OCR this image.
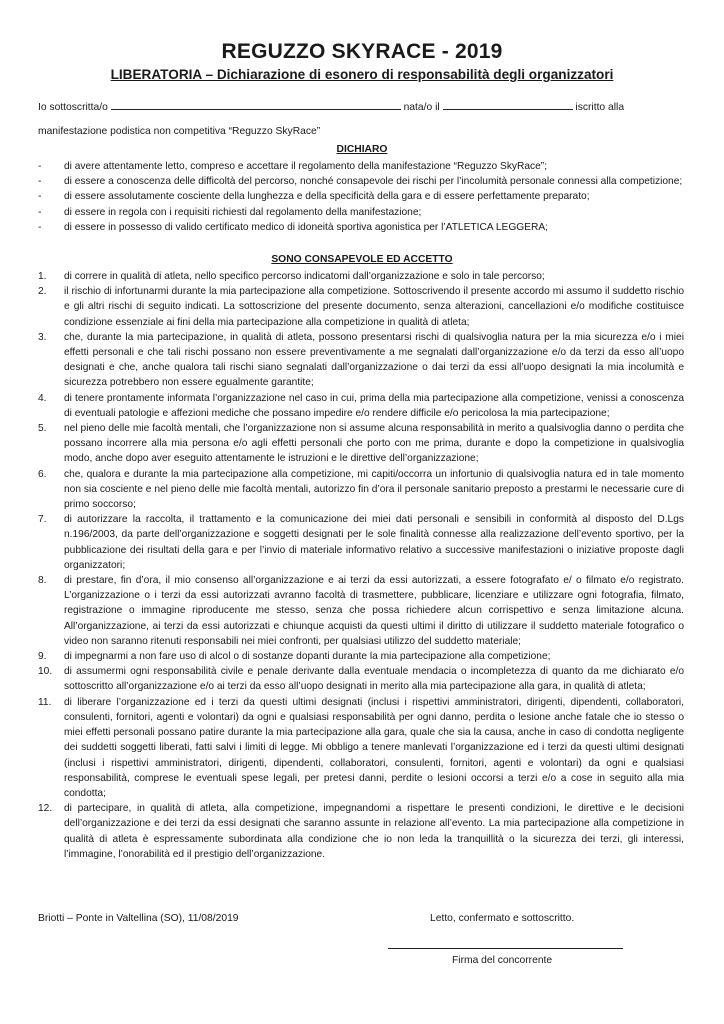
REGUZZO SKYRACE - 2019
LIBERATORIA – Dichiarazione di esonero di responsabilità degli organizzatori
Io sottoscritta/o	nata/o il	iscritto alla
manifestazione podistica non competitiva “Reguzzo SkyRace”
DICHIARO
- di avere attentamente letto, compreso e accettare il regolamento della manifestazione “Reguzzo SkyRace”;
- di essere a conoscenza delle difficoltà del percorso, nonché consapevole dei rischi per l’incolumità personale connessi alla competizione;
- di essere assolutamente cosciente della lunghezza e della specificità della gara e di essere perfettamente preparato;
- di essere in regola con i requisiti richiesti dal regolamento della manifestazione;
- di essere in possesso di valido certificato medico di idoneità sportiva agonistica per l’ATLETICA LEGGERA;
SONO CONSAPEVOLE ED ACCETTO
1. di correre in qualità di atleta, nello specifico percorso indicatomi dall’organizzazione e solo in tale percorso;
2. il rischio di infortunarmi durante la mia partecipazione alla competizione. Sottoscrivendo il presente accordo mi assumo il suddetto rischio e gli altri rischi di seguito indicati. La sottoscrizione del presente documento, senza alterazioni, cancellazioni e/o modifiche costituisce condizione essenziale ai fini della mia partecipazione alla competizione in qualità di atleta;
3. che, durante la mia partecipazione, in qualità di atleta, possono presentarsi rischi di qualsivoglia natura per la mia sicurezza e/o i miei effetti personali e che tali rischi possano non essere preventivamente a me segnalati dall’organizzazione e/o da terzi da esso all’uopo designati e che, anche qualora tali rischi siano segnalati dall’organizzazione o dai terzi da essi all’uopo designati la mia incolumità e sicurezza potrebbero non essere egualmente garantite;
4. di tenere prontamente informata l’organizzazione nel caso in cui, prima della mia partecipazione alla competizione, venissi a conoscenza di eventuali patologie e affezioni mediche che possano impedire e/o rendere difficile e/o pericolosa la mia partecipazione;
5. nel pieno delle mie facoltà mentali, che l’organizzazione non si assume alcuna responsabilità in merito a qualsivoglia danno o perdita che possano incorrere alla mia persona e/o agli effetti personali che porto con me prima, durante e dopo la competizione in qualsivoglia modo, anche dopo aver eseguito attentamente le istruzioni e le direttive dell’organizzazione;
6. che, qualora e durante la mia partecipazione alla competizione, mi capiti/occorra un infortunio di qualsivoglia natura ed in tale momento non sia cosciente e nel pieno delle mie facoltà mentali, autorizzo fin d’ora il personale sanitario preposto a prestarmi le necessarie cure di primo soccorso;
7. di autorizzare la raccolta, il trattamento e la comunicazione dei miei dati personali e sensibili in conformità al disposto del D.Lgs n.196/2003, da parte dell’organizzazione e soggetti designati per le sole finalità connesse alla realizzazione dell’evento sportivo, per la pubblicazione dei risultati della gara e per l’invio di materiale informativo relativo a successive manifestazioni o iniziative proposte dagli organizzatori;
8. di prestare, fin d’ora, il mio consenso all’organizzazione e ai terzi da essi autorizzati, a essere fotografato e/ o filmato e/o registrato. L’organizzazione o i terzi da essi autorizzati avranno facoltà di trasmettere, pubblicare, licenziare e utilizzare ogni fotografia, filmato, registrazione o immagine riproducente me stesso, senza che possa richiedere alcun corrispettivo e senza limitazione alcuna. All’organizzazione, ai terzi da essi autorizzati e chiunque acquisti da questi ultimi il diritto di utilizzare il suddetto materiale fotografico o video non saranno ritenuti responsabili nei miei confronti, per qualsiasi utilizzo del suddetto materiale;
9. di impegnarmi a non fare uso di alcol o di sostanze dopanti durante la mia partecipazione alla competizione;
10. di assumermi ogni responsabilità civile e penale derivante dalla eventuale mendacia o incompletezza di quanto da me dichiarato e/o sottoscritto all’organizzazione e/o ai terzi da esso all’uopo designati in merito alla mia partecipazione alla gara, in qualità di atleta;
11. di liberare l’organizzazione ed i terzi da questi ultimi designati (inclusi i rispettivi amministratori, dirigenti, dipendenti, collaboratori, consulenti, fornitori, agenti e volontari) da ogni e qualsiasi responsabilità per ogni danno, perdita o lesione anche fatale che io stesso o miei effetti personali possano patire durante la mia partecipazione alla gara, quale che sia la causa, anche in caso di condotta negligente dei suddetti soggetti liberati, fatti salvi i limiti di legge. Mi obbligo a tenere manlevati l’organizzazione ed i terzi da questi ultimi designati (inclusi i rispettivi amministratori, dirigenti, dipendenti, collaboratori, consulenti, fornitori, agenti e volontari) da ogni e qualsiasi responsabilità, comprese le eventuali spese legali, per pretesi danni, perdite o lesioni occorsi a terzi e/o a cose in seguito alla mia condotta;
12. di partecipare, in qualità di atleta, alla competizione, impegnandomi a rispettare le presenti condizioni, le direttive e le decisioni dell’organizzazione e dei terzi da essi designati che saranno assunte in relazione all’evento. La mia partecipazione alla competizione in qualità di atleta è espressamente subordinata alla condizione che io non leda la tranquillità o la sicurezza dei terzi, gli interessi, l’immagine, l’onorabilità ed il prestigio dell’organizzazione.
Briotti – Ponte in Valtellina (SO), 11/08/2019	Letto, confermato e sottoscritto.
Firma del concorrente
